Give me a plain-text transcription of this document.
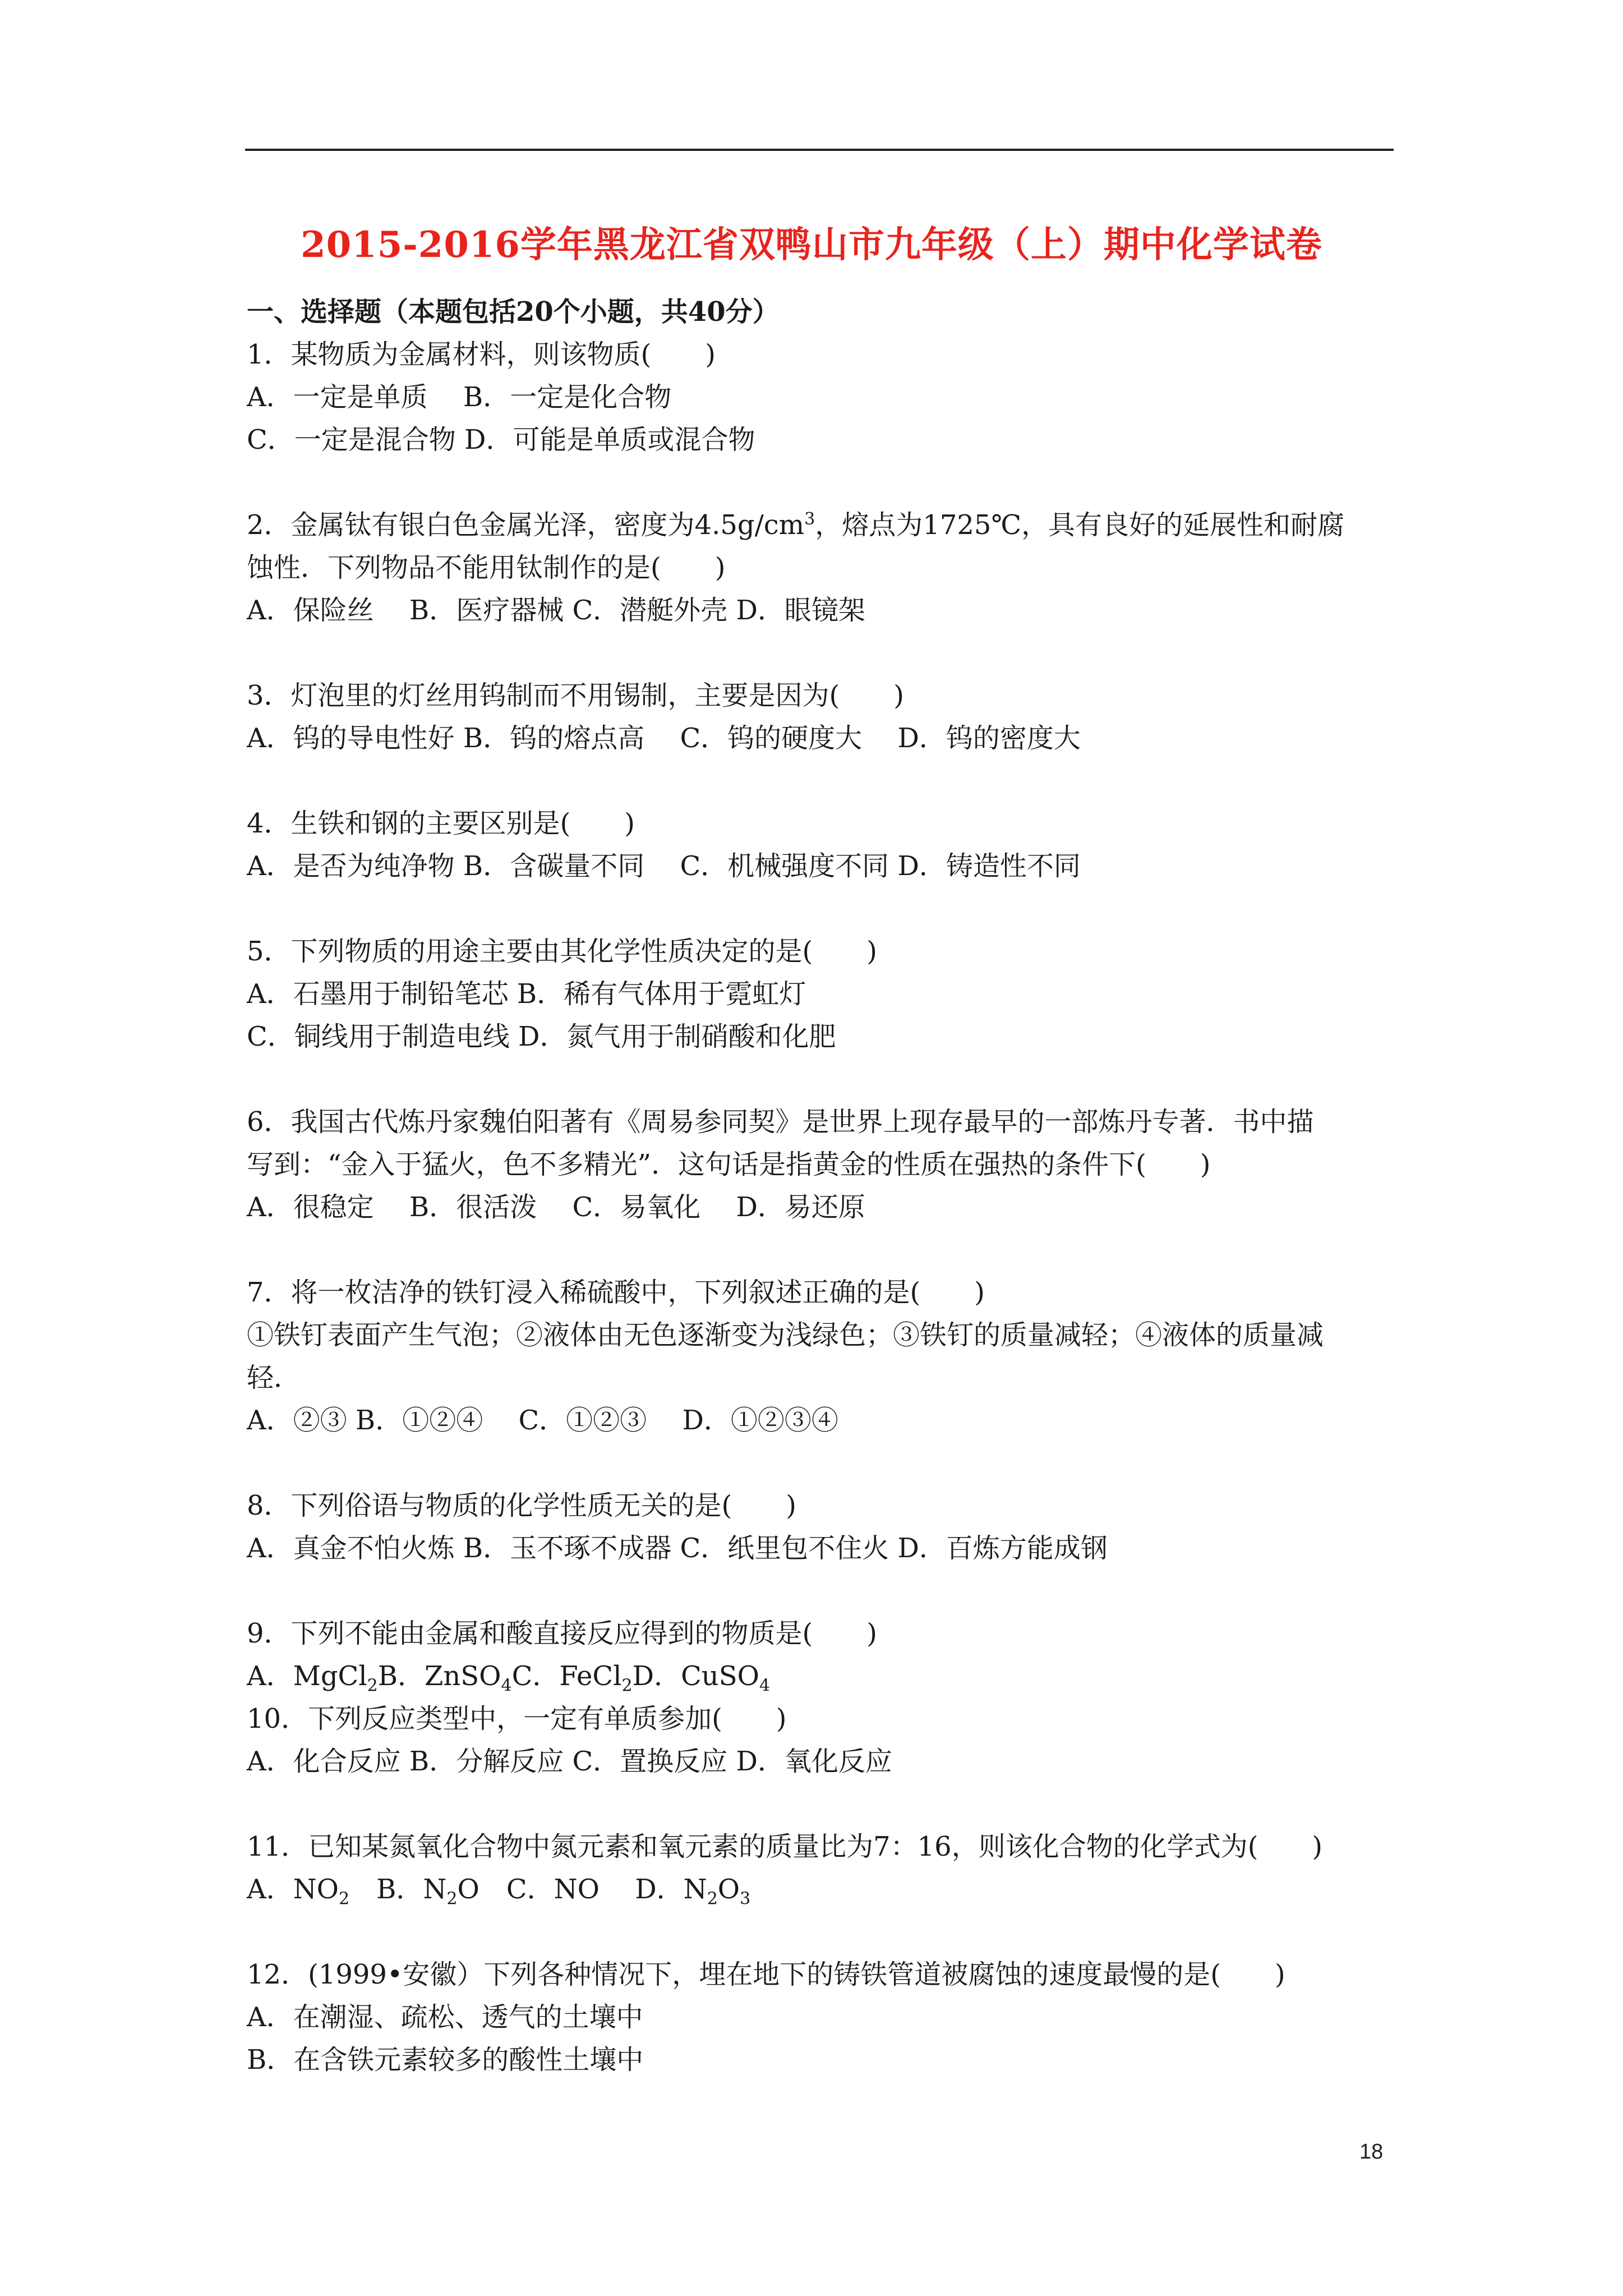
2015-2016学年黑龙江省双鸭山市九年级（上）期中化学试卷
一、选择题（本题包括20个小题，共40分）
1．某物质为金属材料，则该物质(　　)
A．一定是单质　 B．一定是化合物
C．一定是混合物 D．可能是单质或混合物
2．金属钛有银白色金属光泽，密度为$4.5g/cm^3$，熔点为1725℃，具有良好的延展性和耐腐
蚀性．下列物品不能用钛制作的是(　　)
A．保险丝　 B．医疗器械 C．潜艇外壳 D．眼镜架
3．灯泡里的灯丝用钨制而不用锡制，主要是因为(　　)
A．钨的导电性好 B．钨的熔点高　 C．钨的硬度大　 D．钨的密度大
4．生铁和钢的主要区别是(　　)
A．是否为纯净物 B．含碳量不同　 C．机械强度不同 D．铸造性不同
5．下列物质的用途主要由其化学性质决定的是(　　)
A．石墨用于制铅笔芯 B．稀有气体用于霓虹灯
C．铜线用于制造电线 D．氮气用于制硝酸和化肥
6．我国古代炼丹家魏伯阳著有《周易参同契》是世界上现存最早的一部炼丹专著．书中描
写到：“金入于猛火，色不多精光”．这句话是指黄金的性质在强热的条件下(　　)
A．很稳定　 B．很活泼　 C．易氧化　 D．易还原
7．将一枚洁净的铁钉浸入稀硫酸中，下列叙述正确的是(　　)
①铁钉表面产生气泡；②液体由无色逐渐变为浅绿色；③铁钉的质量减轻；④液体的质量减
轻．
A．②③ B．①②④　 C．①②③　 D．①②③④
8．下列俗语与物质的化学性质无关的是(　　)
A．真金不怕火炼 B．玉不琢不成器 C．纸里包不住火 D．百炼方能成钢
9．下列不能由金属和酸直接反应得到的物质是(　　)
A．MgCl$_2$B．ZnSO$_4$C．FeCl$_2$D．CuSO$_4$
10．下列反应类型中，一定有单质参加(　　)
A．化合反应 B．分解反应 C．置换反应 D．氧化反应
11．已知某氮氧化合物中氮元素和氧元素的质量比为7：16，则该化合物的化学式为(　　)
A．$NO_2$　B．$N_2O$　C．NO　 D．$N_2O_3$
12．(1999•安徽）下列各种情况下，埋在地下的铸铁管道被腐蚀的速度最慢的是(　　)
A．在潮湿、疏松、透气的土壤中
B．在含铁元素较多的酸性土壤中
18
